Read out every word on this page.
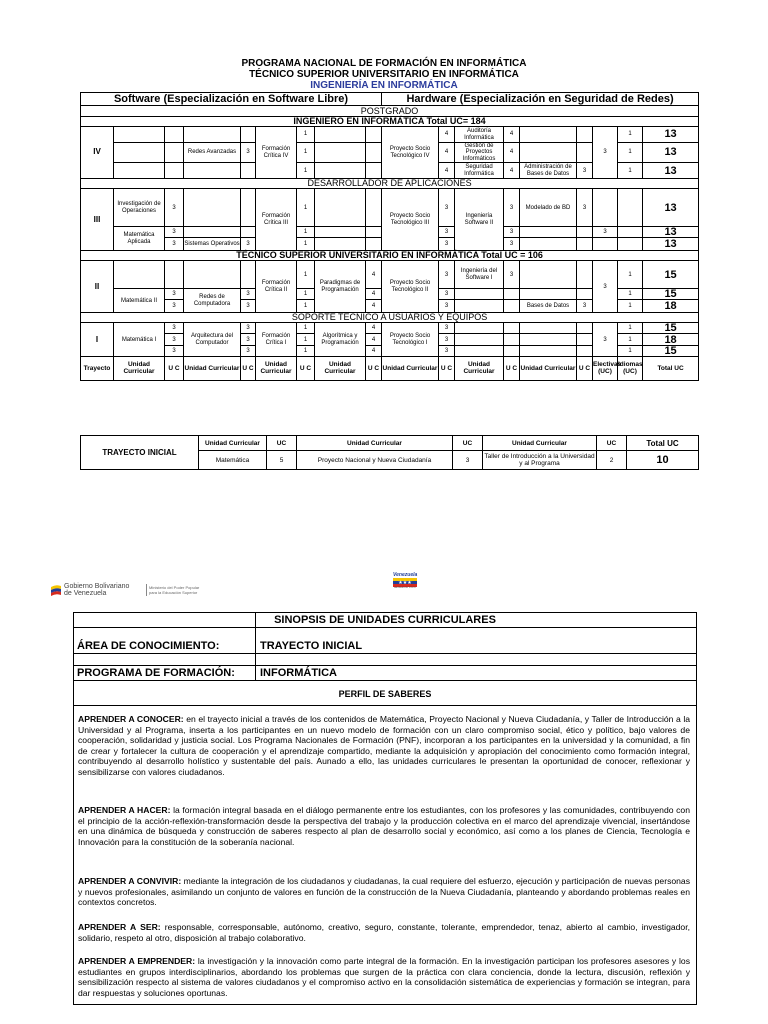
PROGRAMA NACIONAL DE FORMACIÓN EN INFORMÁTICA
TÉCNICO SUPERIOR UNIVERSITARIO EN INFORMÁTICA
INGENIERÍA EN INFORMÁTICA
Software (Especialización en Software Libre)									Hardware (Especialización en Seguridad de Redes)								
POSTGRADO																	
INGENIERO EN INFORMÁTICA Total UC= 184																	
IV					Formación Crítica IV	1			Proyecto Socio Tecnológico IV	4	Auditoría Informática	4			3	1	13
			Redes Avanzadas	3		1				4	Gestión de Proyectos Informáticos	4				1	13
						1				4	Seguridad Informática	4	Administración de Bases de Datos	3		1	13
DESARROLLADOR DE APLICACIONES																	
III	Investigación de Operaciones	3			Formación Crítica III	1			Proyecto Socio Tecnológico III	3	Ingeniería Software II	3	Modelado de BD	3			13
	Matemática Aplicada	3				1				3		3			3		13
		3	Sistemas Operativos	3		1				3		3					13
TÉCNICO SUPERIOR UNIVERSITARIO EN INFORMÁTICA Total UC = 106																	
II					Formación Crítica II	1	Paradigmas de Programación	4	Proyecto Socio Tecnológico II	3	Ingeniería del Software I	3			3	1	15
	Matemática II	3	Redes de Computadora	3		1		4		3						1	15
		3		3		1		4		3			Bases de Datos	3		1	18
SOPORTE TÉCNICO A USUARIOS Y EQUIPOS																	
I	Matemática I	3	Arquitectura del Computador	3	Formación Crítica I	1	Algorítmica y Programación	4	Proyecto Socio Tecnológico I	3					3	1	15
		3		3		1		4		3						1	18
		3		3		1		4		3						1	15
Trayecto	Unidad Curricular	U C	Unidad Curricular	U C	Unidad Curricular	U C	Unidad Curricular	U C	Unidad Curricular	U C	Unidad Curricular	U C	Unidad Curricular	U C	Electivas (UC)	Idiomas (UC)	Total UC
TRAYECTO INICIAL	Unidad Curricular	UC	Unidad Curricular	UC	Unidad Curricular	UC	Total UC
	Matemática	5	Proyecto Nacional y Nueva Ciudadanía	3	Taller de Introducción a la Universidad y al Programa	2	10
Gobierno Bolivariano
de Venezuela
Ministerio del Poder Popular
para la Educación Superior
Venezuela
★★★
AHORA ES DE TODOS
SINOPSIS DE UNIDADES CURRICULARES
ÁREA DE CONOCIMIENTO:	TRAYECTO INICIAL
PROGRAMA DE FORMACIÓN: INFORMÁTICA
PERFIL DE SABERES
APRENDER A CONOCER: en el trayecto inicial a través de los contenidos de Matemática, Proyecto Nacional y Nueva Ciudadanía, y Taller de Introducción a la Universidad y al Programa, inserta a los participantes en un nuevo modelo de formación con un claro compromiso social, ético y político, bajo valores de cooperación, solidaridad y justicia social. Los Programa Nacionales de Formación (PNF), incorporan a los participantes en la universidad y la comunidad, a fin de crear y fortalecer la cultura de cooperación y el aprendizaje compartido, mediante la adquisición y apropiación del conocimiento como formación integral, contribuyendo al desarrollo holístico y sustentable del país. Aunado a ello, las unidades curriculares le presentan la oportunidad de conocer, reflexionar y sensibilizarse con valores ciudadanos.
APRENDER A HACER: la formación integral basada en el diálogo permanente entre los estudiantes, con los profesores y las comunidades, contribuyendo con el principio de la acción-reflexión-transformación desde la perspectiva del trabajo y la producción colectiva en el marco del aprendizaje vivencial, insertándose en una dinámica de búsqueda y construcción de saberes respecto al plan de desarrollo social y económico, así como a los planes de Ciencia, Tecnología e Innovación para la constitución de la soberanía nacional.
APRENDER A CONVIVIR: mediante la integración de los ciudadanos y ciudadanas, la cual requiere del esfuerzo, ejecución y participación de nuevas personas y nuevos profesionales, asimilando un conjunto de valores en función de la construcción de la Nueva Ciudadanía, planteando y abordando problemas reales en contextos concretos.
APRENDER A SER: responsable, corresponsable, autónomo, creativo, seguro, constante, tolerante, emprendedor, tenaz, abierto al cambio, investigador, solidario, respeto al otro, disposición al trabajo colaborativo.
APRENDER A EMPRENDER: la investigación y la innovación como parte integral de la formación. En la investigación participan los profesores asesores y los estudiantes en grupos interdisciplinarios, abordando los problemas que surgen de la práctica con clara conciencia, donde la lectura, discusión, reflexión y sensibilización respecto al sistema de valores ciudadanos y el compromiso activo en la consolidación sistemática de experiencias y formación se integran, para dar respuestas y soluciones oportunas.
